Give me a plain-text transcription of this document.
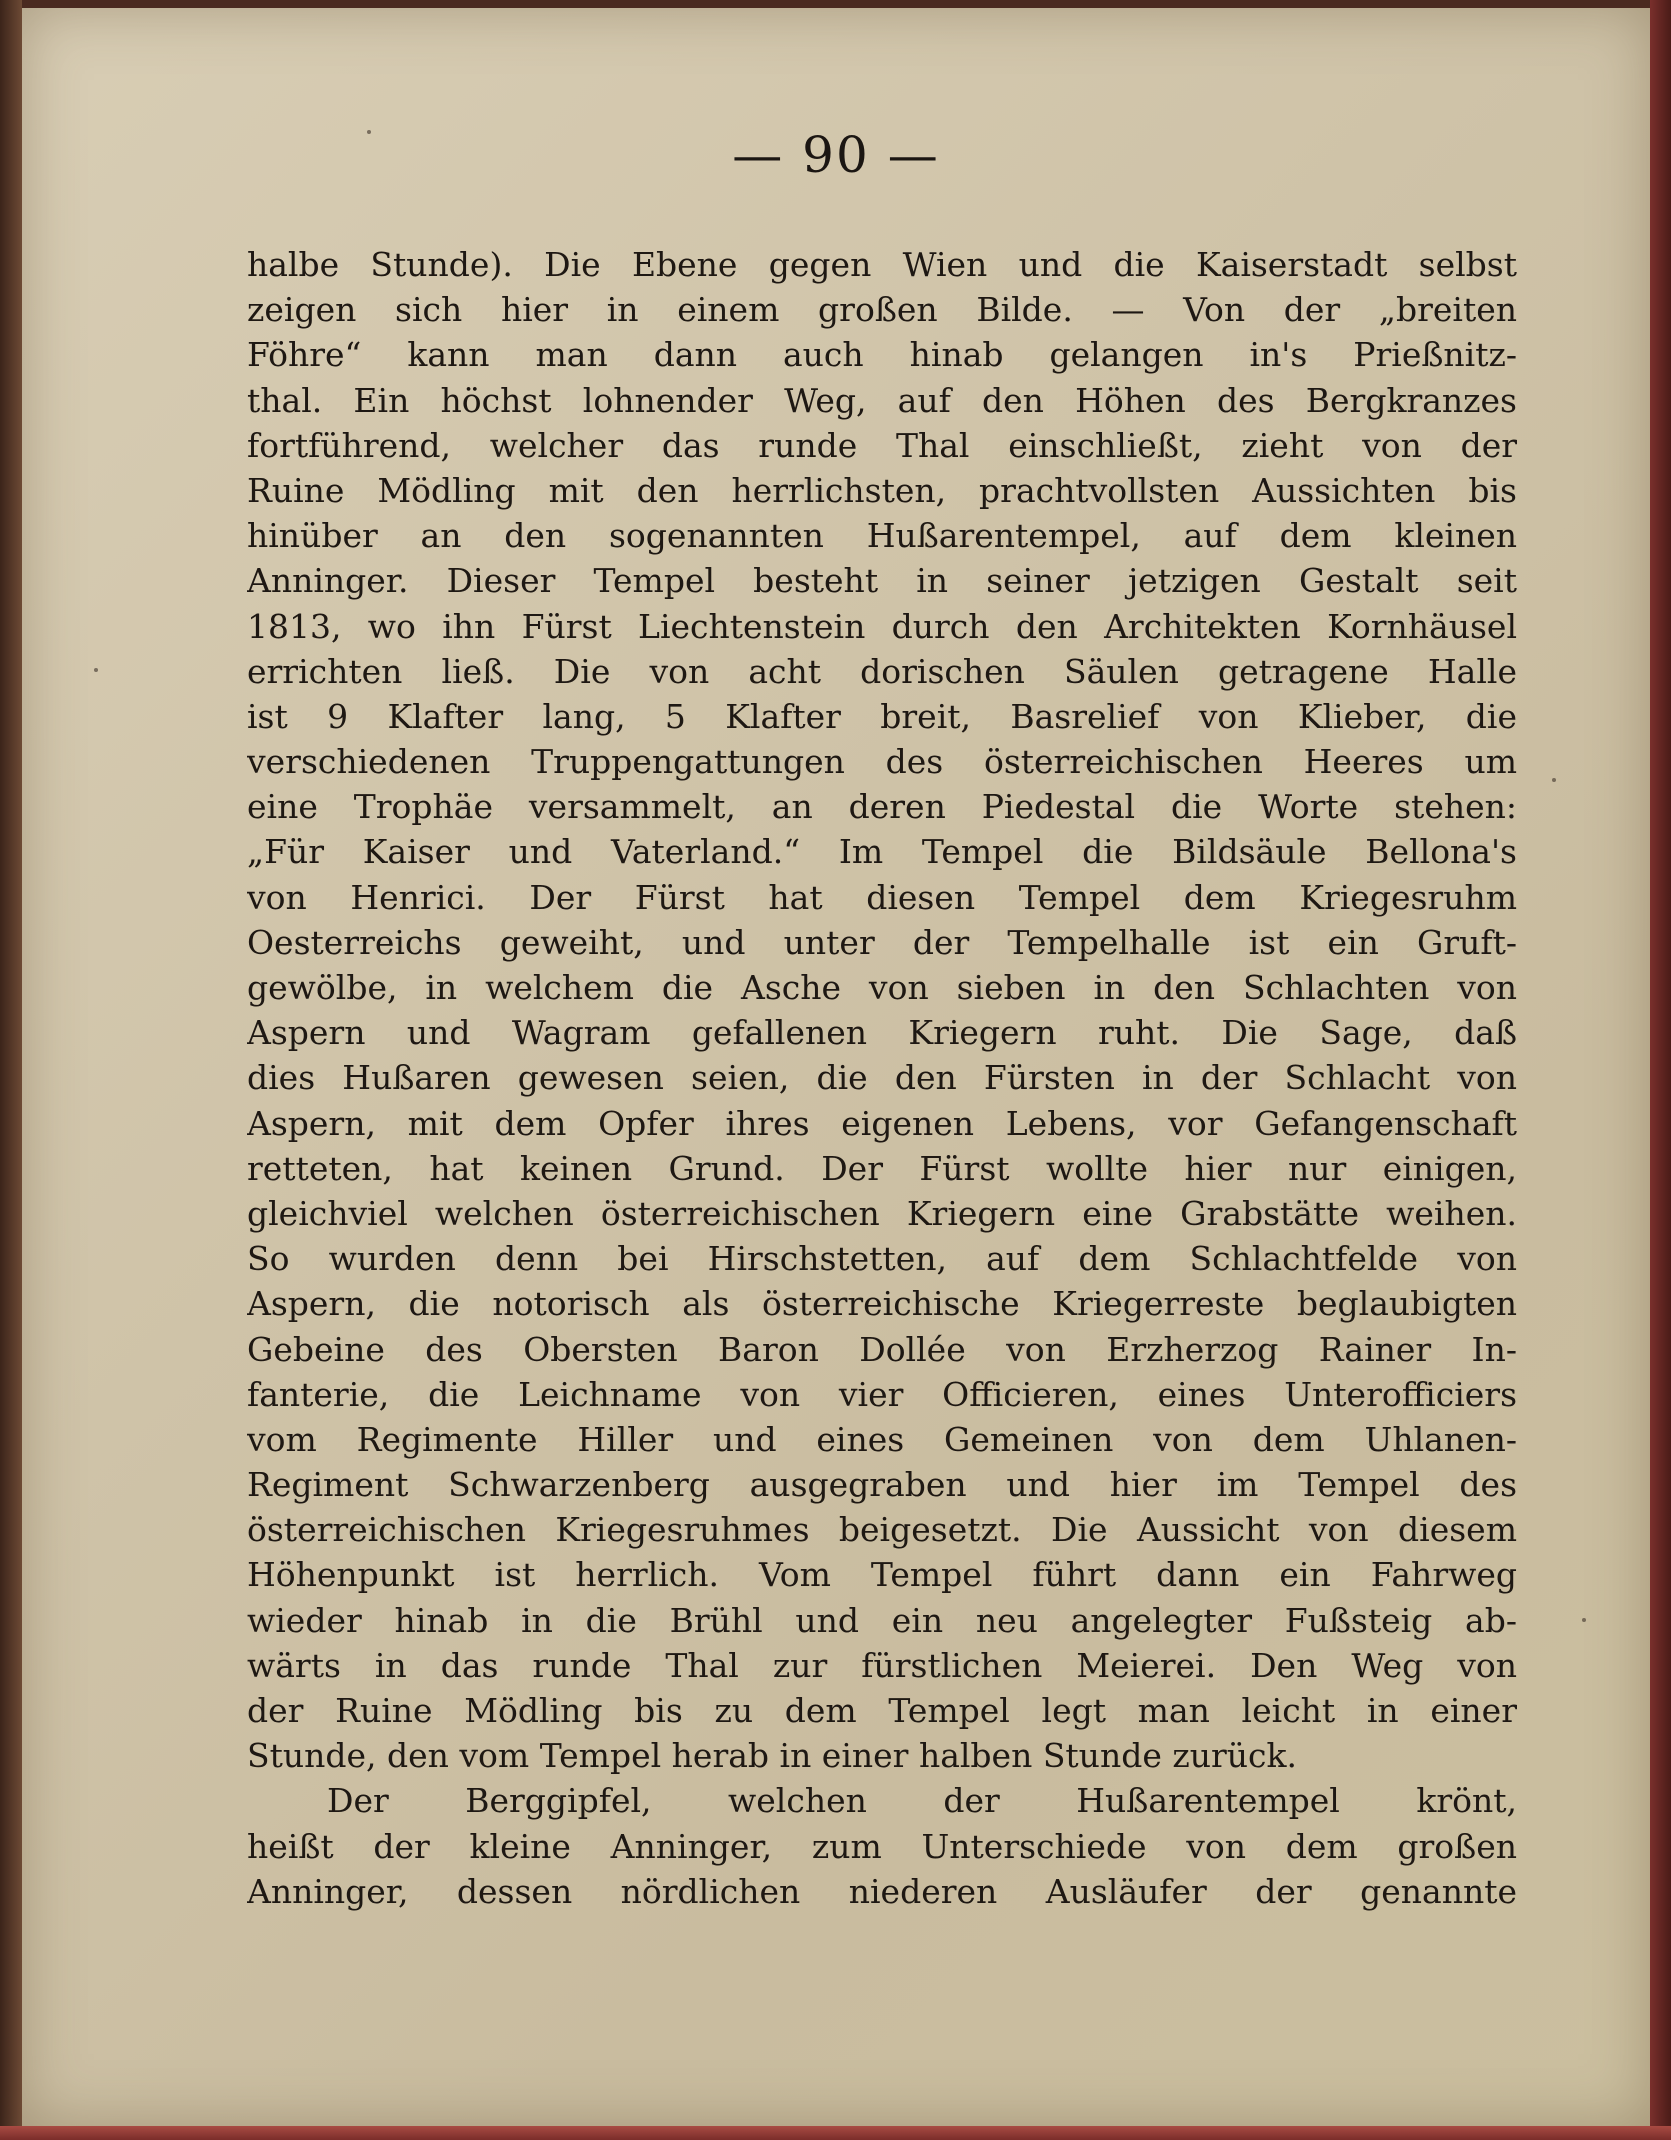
— 90 —
halbe Stunde). Die Ebene gegen Wien und die Kaiserstadt selbst
zeigen sich hier in einem großen Bilde. — Von der „breiten
Föhre“ kann man dann auch hinab gelangen in's Prießnitz-
thal. Ein höchst lohnender Weg, auf den Höhen des Bergkranzes
fortführend, welcher das runde Thal einschließt, zieht von der
Ruine Mödling mit den herrlichsten, prachtvollsten Aussichten bis
hinüber an den sogenannten Hußarentempel, auf dem kleinen
Anninger. Dieser Tempel besteht in seiner jetzigen Gestalt seit
1813, wo ihn Fürst Liechtenstein durch den Architekten Kornhäusel
errichten ließ. Die von acht dorischen Säulen getragene Halle
ist 9 Klafter lang, 5 Klafter breit, Basrelief von Klieber, die
verschiedenen Truppengattungen des österreichischen Heeres um
eine Trophäe versammelt, an deren Piedestal die Worte stehen:
„Für Kaiser und Vaterland.“ Im Tempel die Bildsäule Bellona's
von Henrici. Der Fürst hat diesen Tempel dem Kriegesruhm
Oesterreichs geweiht, und unter der Tempelhalle ist ein Gruft-
gewölbe, in welchem die Asche von sieben in den Schlachten von
Aspern und Wagram gefallenen Kriegern ruht. Die Sage, daß
dies Hußaren gewesen seien, die den Fürsten in der Schlacht von
Aspern, mit dem Opfer ihres eigenen Lebens, vor Gefangenschaft
retteten, hat keinen Grund. Der Fürst wollte hier nur einigen,
gleichviel welchen österreichischen Kriegern eine Grabstätte weihen.
So wurden denn bei Hirschstetten, auf dem Schlachtfelde von
Aspern, die notorisch als österreichische Kriegerreste beglaubigten
Gebeine des Obersten Baron Dollée von Erzherzog Rainer In-
fanterie, die Leichname von vier Officieren, eines Unterofficiers
vom Regimente Hiller und eines Gemeinen von dem Uhlanen-
Regiment Schwarzenberg ausgegraben und hier im Tempel des
österreichischen Kriegesruhmes beigesetzt. Die Aussicht von diesem
Höhenpunkt ist herrlich. Vom Tempel führt dann ein Fahrweg
wieder hinab in die Brühl und ein neu angelegter Fußsteig ab-
wärts in das runde Thal zur fürstlichen Meierei. Den Weg von
der Ruine Mödling bis zu dem Tempel legt man leicht in einer
Stunde, den vom Tempel herab in einer halben Stunde zurück.
Der Berggipfel, welchen der Hußarentempel krönt,
heißt der kleine Anninger, zum Unterschiede von dem großen
Anninger, dessen nördlichen niederen Ausläufer der genannte
